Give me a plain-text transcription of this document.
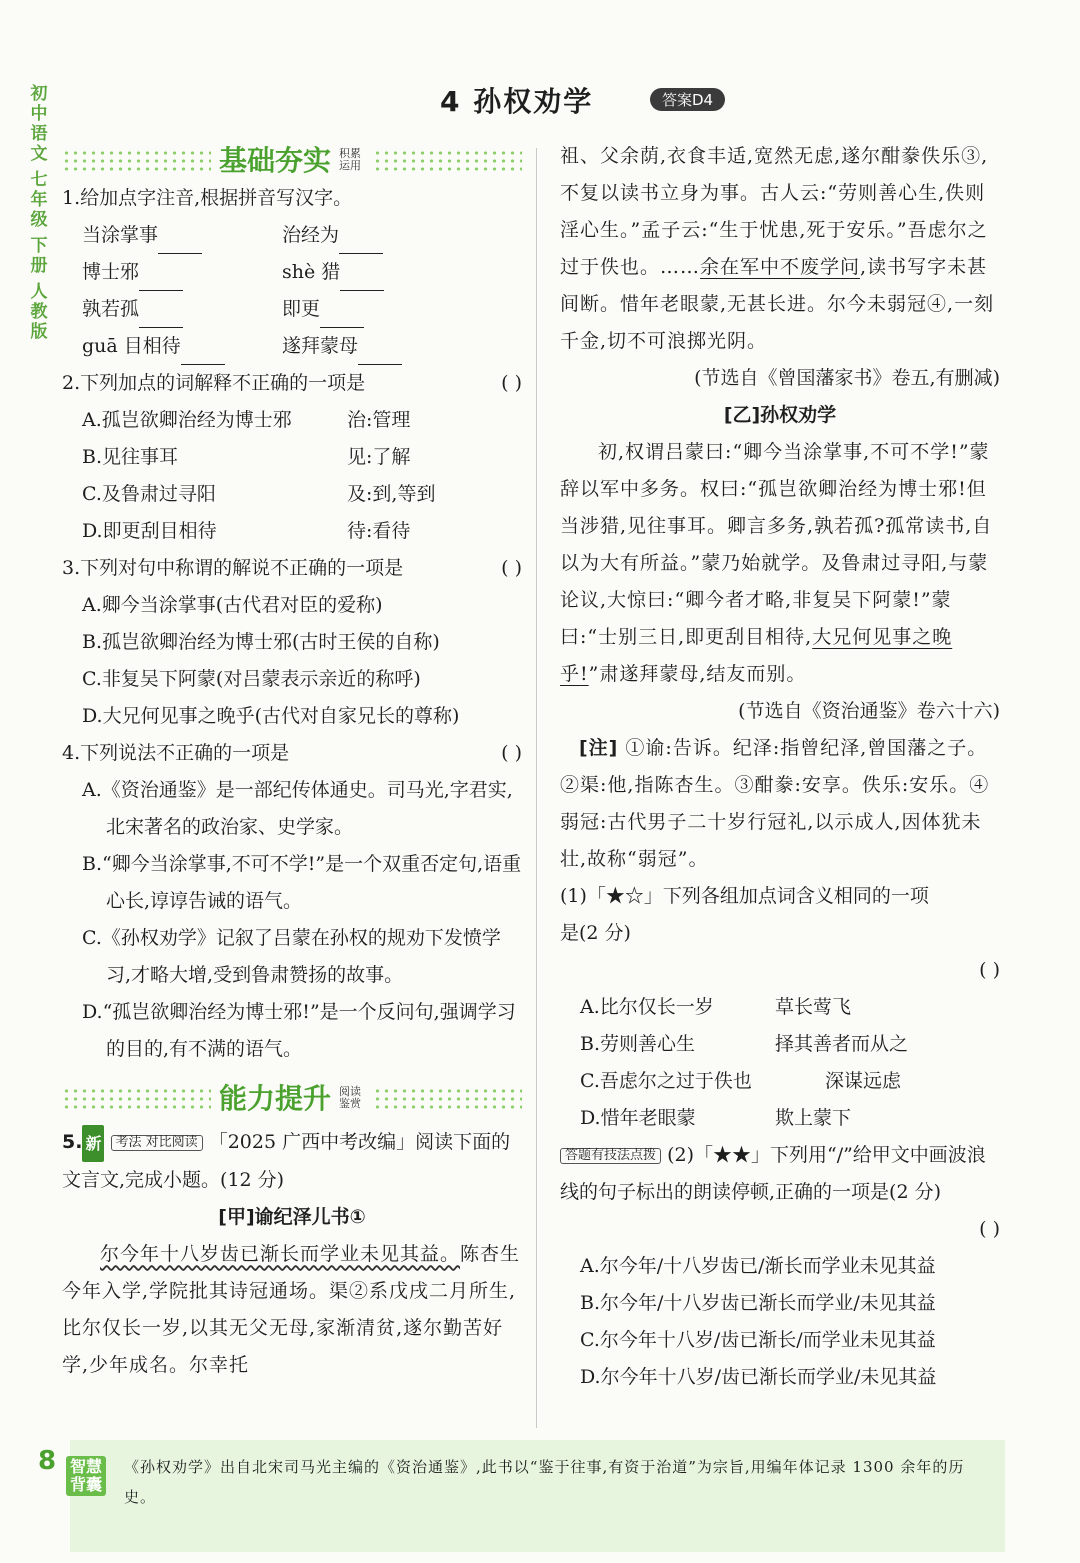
初中语文
七年级
下册
人教版
4 孙权劝学	答案D4
基础夯实 积累运用
1.给加点字注音,根据拼音写汉字。
当涂掌事	治经为
博士邪	shè 猎
孰若孤	即更
guā 目相待	遂拜蒙母
2.下列加点的词解释不正确的一项是	( )
A.孤岂欲卿治经为博士邪	治:管理
B.见往事耳	见:了解
C.及鲁肃过寻阳	及:到,等到
D.即更刮目相待	待:看待
3.下列对句中称谓的解说不正确的一项是	( )
A.卿今当涂掌事(古代君对臣的爱称)
B.孤岂欲卿治经为博士邪(古时王侯的自称)
C.非复吴下阿蒙(对吕蒙表示亲近的称呼)
D.大兄何见事之晚乎(古代对自家兄长的尊称)
4.下列说法不正确的一项是	( )
A.《资治通鉴》是一部纪传体通史。司马光,字君实,北宋著名的政治家、史学家。
B.“卿今当涂掌事,不可不学!”是一个双重否定句,语重心长,谆谆告诫的语气。
C.《孙权劝学》记叙了吕蒙在孙权的规劝下发愤学习,才略大增,受到鲁肃赞扬的故事。
D.“孤岂欲卿治经为博士邪!”是一个反问句,强调学习的目的,有不满的语气。
能力提升 阅读鉴赏
5. 新 考法 对比阅读 「2025 广西中考改编」阅读下面的文言文,完成小题。(12 分)
[甲]谕纪泽儿书①
尔今年十八岁齿已渐长而学业未见其益。陈杏生今年入学,学院批其诗冠通场。渠②系戊戌二月所生,比尔仅长一岁,以其无父无母,家渐清贫,遂尔勤苦好学,少年成名。尔幸托
祖、父余荫,衣食丰适,宽然无虑,遂尔酣豢佚乐③,不复以读书立身为事。古人云:“劳则善心生,佚则淫心生。”孟子云:“生于忧患,死于安乐。”吾虑尔之过于佚也。……余在军中不废学问,读书写字未甚间断。惜年老眼蒙,无甚长进。尔今未弱冠④,一刻千金,切不可浪掷光阴。
(节选自《曾国藩家书》卷五,有删减)
[乙]孙权劝学
初,权谓吕蒙曰:“卿今当涂掌事,不可不学!”蒙辞以军中多务。权曰:“孤岂欲卿治经为博士邪!但当涉猎,见往事耳。卿言多务,孰若孤?孤常读书,自以为大有所益。”蒙乃始就学。及鲁肃过寻阳,与蒙论议,大惊曰:“卿今者才略,非复吴下阿蒙!”蒙曰:“士别三日,即更刮目相待,大兄何见事之晚乎!”肃遂拜蒙母,结友而别。
(节选自《资治通鉴》卷六十六)
[注] ①谕:告诉。纪泽:指曾纪泽,曾国藩之子。②渠:他,指陈杏生。③酣豢:安享。佚乐:安乐。④弱冠:古代男子二十岁行冠礼,以示成人,因体犹未壮,故称“弱冠”。
(1)「★☆」下列各组加点词含义相同的一项是(2 分)
( )
A.比尔仅长一岁	草长莺飞
B.劳则善心生	择其善者而从之
C.吾虑尔之过于佚也	深谋远虑
D.惜年老眼蒙	欺上蒙下
答题有技法点拨 (2)「★★」下列用“/”给甲文中画波浪线的句子标出的朗读停顿,正确的一项是(2 分)
( )
A.尔今年/十八岁齿已/渐长而学业未见其益
B.尔今年/十八岁齿已渐长而学业/未见其益
C.尔今年十八岁/齿已渐长/而学业未见其益
D.尔今年十八岁/齿已渐长而学业/未见其益
8 智慧背囊
《孙权劝学》出自北宋司马光主编的《资治通鉴》,此书以“鉴于往事,有资于治道”为宗旨,用编年体记录 1300 余年的历史。
